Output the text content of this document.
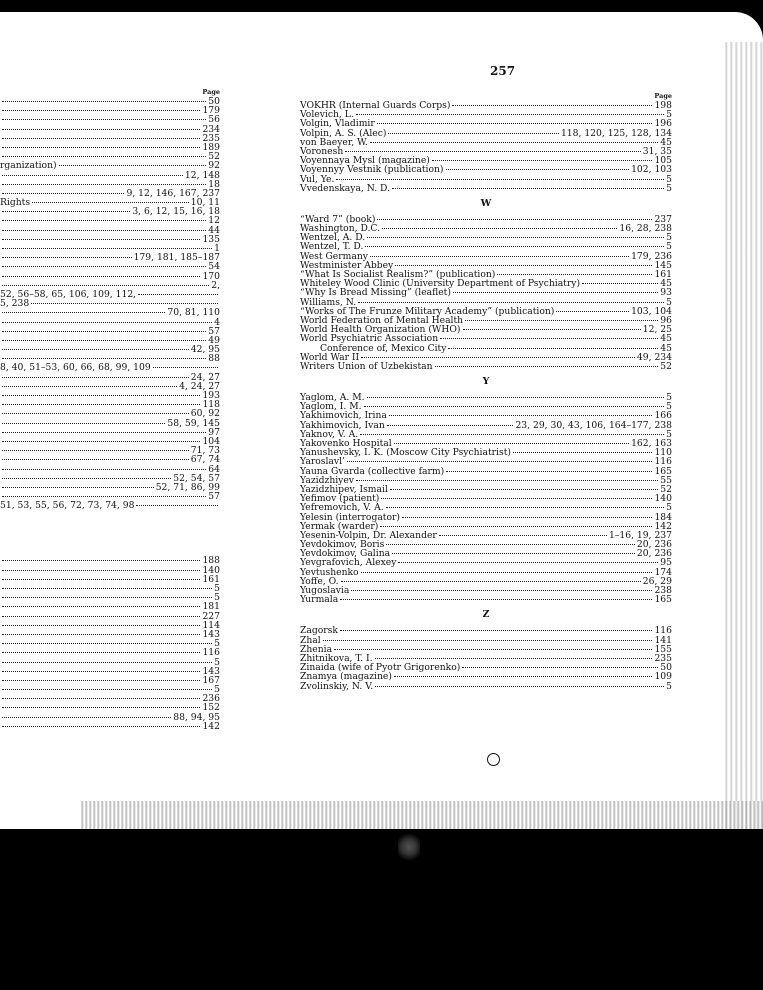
257
Page
50
179
56
234
235
189
52
rganization)	92
12, 148
18
9, 12, 146, 167, 237
Rights	10, 11
3, 6, 12, 15, 16, 18
12
44
135
1
179, 181, 185–187
54
170
2,
52, 56–58, 65, 106, 109, 112,
5, 238
70, 81, 110
4
57
49
42, 95
88
8, 40, 51–53, 60, 66, 68, 99, 109
24, 27
4, 24, 27
193
118
60, 92
58, 59, 145
97
104
71, 73
67, 74
64
52, 54, 57
52, 71, 86, 99
57
51, 53, 55, 56, 72, 73, 74, 98
188
140
161
5
5
181
227
114
143
5
116
5
143
167
5
236
152
88, 94, 95
142
Page
VOKHR (Internal Guards Corps)	198
Volevich, L.	5
Volgin, Vladimir	196
Volpin, A. S. (Alec)	118, 120, 125, 128, 134
von Baeyer, W.	45
Voronesh	31, 35
Voyennaya Mysl (magazine)	105
Voyennyy Vestnik (publication)	102, 103
Vul, Ye.	5
Vvedenskaya, N. D.	5
W
“Ward 7” (book)	237
Washington, D.C.	16, 28, 238
Wentzel, A. D.	5
Wentzel, T. D.	5
West Germany	179, 236
Westminister Abbey	145
“What Is Socialist Realism?” (publication)	161
Whiteley Wood Clinic (University Department of Psychiatry)	45
“Why Is Bread Missing” (leaflet)	93
Williams, N.	5
“Works of The Frunze Military Academy” (publication)	103, 104
World Federation of Mental Health	96
World Health Organization (WHO)	12, 25
World Psychiatric Association	45
Conference of, Mexico City	45
World War II	49, 234
Writers Union of Uzbekistan	52
Y
Yaglom, A. M.	5
Yaglom, I. M.	5
Yakhimovich, Irina	166
Yakhimovich, Ivan	23, 29, 30, 43, 106, 164–177, 238
Yaknov, V. A.	5
Yakovenko Hospital	162, 163
Yanushevsky, I. K. (Moscow City Psychiatrist)	110
Yaroslavl’	116
Yauna Gvarda (collective farm)	165
Yazidzhiyev	55
Yazidzhipev, Ismail	52
Yefimov (patient)	140
Yefremovich, V. A.	5
Yelesin (interrogator)	184
Yermak (warder)	142
Yesenin-Volpin, Dr. Alexander	1–16, 19, 237
Yevdokimov, Boris	20, 236
Yevdokimov, Galina	20, 236
Yevgrafovich, Alexey	95
Yevtushenko	174
Yoffe, O.	26, 29
Yugoslavia	238
Yurmala	165
Z
Zagorsk	116
Zhal	141
Zhenia	155
Zhitnikova, T. I.	235
Zinaida (wife of Pyotr Grigorenko)	50
Znamya (magazine)	109
Zvolinskiy, N. V.	5
